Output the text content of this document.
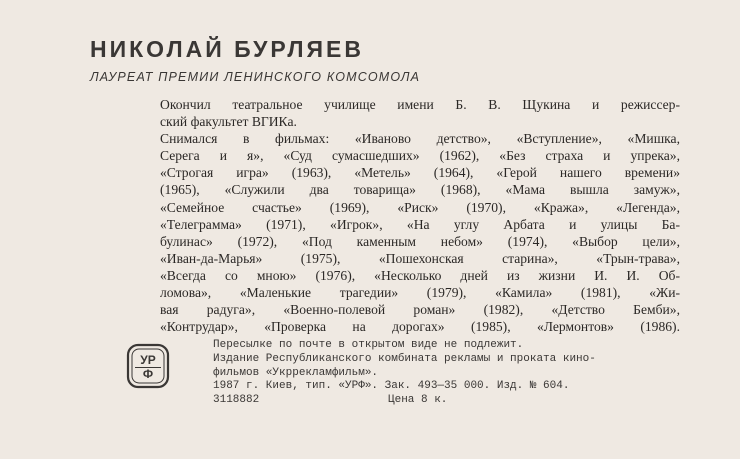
НИКОЛАЙ БУРЛЯЕВ
ЛАУРЕАТ ПРЕМИИ ЛЕНИНСКОГО КОМСОМОЛА
Окончил театральное училище имени Б. В. Щукина и режиссер-
ский факультет ВГИКа.
Снимался в фильмах: «Иваново детство», «Вступление», «Мишка,
Серега и я», «Суд сумасшедших» (1962), «Без страха и упрека»,
«Строгая игра» (1963), «Метель» (1964), «Герой нашего времени»
(1965), «Служили два товарища» (1968), «Мама вышла замуж»,
«Семейное счастье» (1969), «Риск» (1970), «Кража», «Легенда»,
«Телеграмма» (1971), «Игрок», «На углу Арбата и улицы Ба-
булинас» (1972), «Под каменным небом» (1974), «Выбор цели»,
«Иван-да-Марья» (1975), «Пошехонская старина», «Трын-трава»,
«Всегда со мною» (1976), «Несколько дней из жизни И. И. Об-
ломова», «Маленькие трагедии» (1979), «Камила» (1981), «Жи-
вая радуга», «Военно-полевой роман» (1982), «Детство Бемби»,
«Контрудар», «Проверка на дорогах» (1985), «Лермонтов» (1986).
УР
Ф
Пересылке по почте в открытом виде не подлежит.
Издание Республиканского комбината рекламы и проката кино-
фильмов «Укррекламфильм».
1987 г. Киев, тип. «УРФ». Зак. 493—35 000. Изд. № 604.
3118882	Цена 8 к.
